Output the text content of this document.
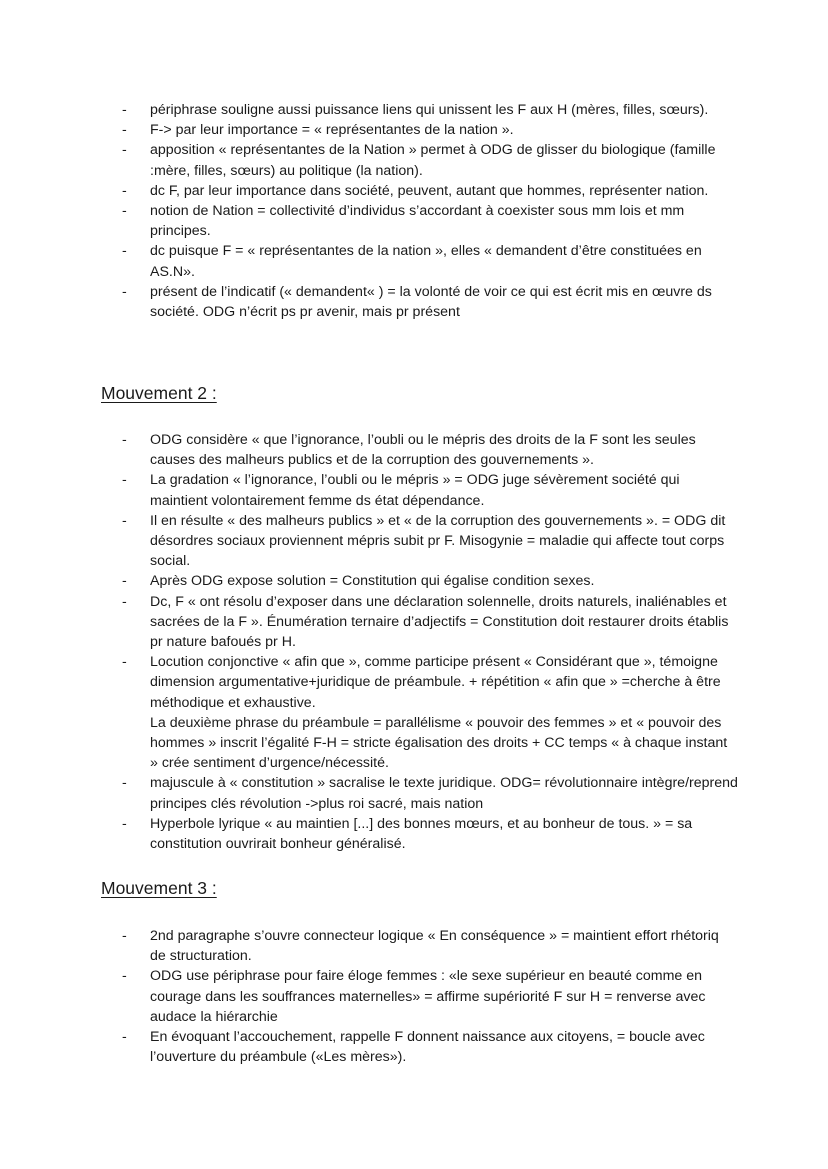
- périphrase souligne aussi puissance liens qui unissent les F aux H (mères, filles, sœurs).
- F-> par leur importance = « représentantes de la nation ».
- apposition « représentantes de la Nation » permet à ODG de glisser du biologique (famille :mère, filles, sœurs) au politique (la nation).
- dc F, par leur importance dans société, peuvent, autant que hommes, représenter nation.
- notion de Nation = collectivité d’individus s’accordant à coexister sous mm lois et mm principes.
- dc puisque F = « représentantes de la nation », elles « demandent d’être constituées en AS.N».
- présent de l’indicatif (« demandent« ) = la volonté de voir ce qui est écrit mis en œuvre ds société. ODG n’écrit ps pr avenir, mais pr présent
Mouvement 2 :
- ODG considère « que l’ignorance, l’oubli ou le mépris des droits de la F sont les seules causes des malheurs publics et de la corruption des gouvernements ».
- La gradation « l’ignorance, l’oubli ou le mépris » = ODG juge sévèrement société qui maintient volontairement femme ds état dépendance.
- Il en résulte « des malheurs publics » et « de la corruption des gouvernements ». = ODG dit désordres sociaux proviennent mépris subit pr F. Misogynie = maladie qui affecte tout corps social.
- Après ODG expose solution = Constitution qui égalise condition sexes.
- Dc, F « ont résolu d’exposer dans une déclaration solennelle, droits naturels, inaliénables et sacrées de la F ». Énumération ternaire d’adjectifs = Constitution doit restaurer droits établis pr nature bafoués pr H.
- Locution conjonctive « afin que », comme participe présent « Considérant que », témoigne dimension argumentative+juridique de préambule. + répétition « afin que » =cherche à être méthodique et exhaustive.
La deuxième phrase du préambule = parallélisme « pouvoir des femmes » et « pouvoir des hommes » inscrit l’égalité F-H = stricte égalisation des droits + CC temps « à chaque instant » crée sentiment d’urgence/nécessité.
- majuscule à « constitution » sacralise le texte juridique. ODG= révolutionnaire intègre/reprend principes clés révolution ->plus roi sacré, mais nation
- Hyperbole lyrique « au maintien [...] des bonnes mœurs, et au bonheur de tous. » = sa constitution ouvrirait bonheur généralisé.
Mouvement 3 :
- 2nd paragraphe s’ouvre connecteur logique « En conséquence » = maintient effort rhétoriq de structuration.
- ODG use périphrase pour faire éloge femmes : «le sexe supérieur en beauté comme en courage dans les souffrances maternelles» = affirme supériorité F sur H = renverse avec audace la hiérarchie
- En évoquant l’accouchement, rappelle F donnent naissance aux citoyens, = boucle avec l’ouverture du préambule («Les mères»).
